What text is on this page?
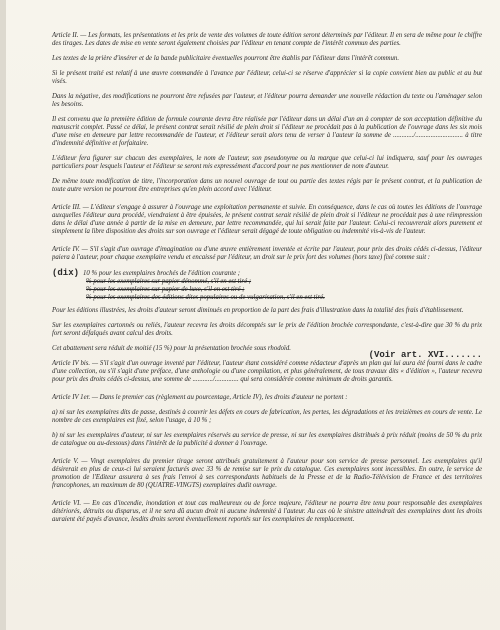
Article II. — Les formats, les présentations et les prix de vente des volumes de toute édition seront déterminés par l'éditeur. Il en sera de même pour le chiffre des tirages. Les dates de mise en vente seront également choisies par l'éditeur en tenant compte de l'intérêt commun des parties.

Les textes de la prière d'insérer et de la bande publicitaire éventuelles pourront être établis par l'éditeur dans l'intérêt commun.

Si le présent traité est relatif à une œuvre commandée à l'avance par l'éditeur, celui-ci se réserve d'apprécier si la copie convient bien au public et au but visés.

Dans la négative, des modifications ne pourront être refusées par l'auteur, et l'éditeur pourra demander une nouvelle rédaction du texte ou l'aménager selon les besoins.

Il est convenu que la première édition de formule courante devra être réalisée par l'éditeur dans un délai d'un an à compter de son acceptation définitive du manuscrit complet. Passé ce délai, le présent contrat serait résilié de plein droit si l'éditeur ne procédait pas à la publication de l'ouvrage dans les six mois d'une mise en demeure par lettre recommandée de l'auteur, et l'éditeur serait alors tenu de verser à l'auteur la somme de ............/............................ à titre d'indemnité définitive et forfaitaire.

L'éditeur fera figurer sur chacun des exemplaires, le nom de l'auteur, son pseudonyme ou la marque que celui-ci lui indiquera, sauf pour les ouvrages particuliers pour lesquels l'auteur et l'éditeur se seront mis expressément d'accord pour ne pas mentionner de nom d'auteur.

De même toute modification de titre, l'incorporation dans un nouvel ouvrage de tout ou partie des textes régis par le présent contrat, et la publication de toute autre version ne pourront être entreprises qu'en plein accord avec l'éditeur.

Article III. — L'éditeur s'engage à assurer à l'ouvrage une exploitation permanente et suivie. En conséquence, dans le cas où toutes les éditions de l'ouvrage auxquelles l'éditeur aura procédé, viendraient à être épuisées, le présent contrat serait résilié de plein droit si l'éditeur ne procédait pas à une réimpression dans le délai d'une année à partir de la mise en demeure, par lettre recommandée, qui lui serait faite par l'auteur. Celui-ci recouvrerait alors purement et simplement la libre disposition des droits sur son ouvrage et l'éditeur serait dégagé de toute obligation ou indemnité vis-à-vis de l'auteur.

Article IV. — S'il s'agit d'un ouvrage d'imagination ou d'une œuvre entièrement inventée et écrite par l'auteur, pour prix des droits cédés ci-dessus, l'éditeur paiera à l'auteur, pour chaque exemplaire vendu et encaissé par l'éditeur, un droit sur le prix fort des volumes (hors taxe) fixé comme suit :

(dix) 10 % pour les exemplaires brochés de l'édition courante ;
% pour les exemplaires sur papier dénommé, s'il en est tiré ;
% pour les exemplaires sur papier de luxe, s'il en est tiré ;
% pour les exemplaires des éditions dites populaires ou de vulgarisation, s'il en est tiré.

Pour les éditions illustrées, les droits d'auteur seront diminués en proportion de la part des frais d'illustration dans la totalité des frais d'établissement.

Sur les exemplaires cartonnés ou reliés, l'auteur recevra les droits décomptés sur le prix de l'édition brochée correspondante, c'est-à-dire que 30 % du prix fort seront défalqués avant calcul des droits.

Cet abattement sera réduit de moitié (15 %) pour la présentation brochée sous rhodoïd.

(Voir art. XVI.......

Article IV bis. — S'il s'agit d'un ouvrage inventé par l'éditeur, l'auteur étant considéré comme rédacteur d'après un plan qui lui aura été fourni dans le cadre d'une collection, ou s'il s'agit d'une préface, d'une anthologie ou d'une compilation, et plus généralement, de tous travaux dits « d'édition », l'auteur recevra pour prix des droits cédés ci-dessus, une somme de ............/.............. qui sera considérée comme minimum de droits garantis.

Article IV 1er. — Dans le premier cas (règlement au pourcentage, Article IV), les droits d'auteur ne portent :

a) ni sur les exemplaires dits de passe, destinés à couvrir les défets en cours de fabrication, les pertes, les dégradations et les treizièmes en cours de vente. Le nombre de ces exemplaires est fixé, selon l'usage, à 10 % ;

b) ni sur les exemplaires d'auteur, ni sur les exemplaires réservés au service de presse, ni sur les exemplaires distribués à prix réduit (moins de 50 % du prix de catalogue ou au-dessous) dans l'intérêt de la publicité à donner à l'ouvrage.

Article V. — Vingt exemplaires du premier tirage seront attribués gratuitement à l'auteur pour son service de presse personnel. Les exemplaires qu'il désirerait en plus de ceux-ci lui seraient facturés avec 33 % de remise sur le prix du catalogue. Ces exemplaires sont incessibles. En outre, le service de promotion de l'Editeur assurera à ses frais l'envoi à ses correspondants habituels de la Presse et de la Radio-Télévision de France et des territoires francophones, un maximum de 80 (QUATRE-VINGTS) exemplaires dudit ouvrage.

Article VI. — En cas d'incendie, inondation et tout cas malheureux ou de force majeure, l'éditeur ne pourra être tenu pour responsable des exemplaires détériorés, détruits ou disparus, et il ne sera dû aucun droit ni aucune indemnité à l'auteur. Au cas où le sinistre atteindrait des exemplaires dont les droits auraient été payés d'avance, lesdits droits seront éventuellement reportés sur les exemplaires de remplacement.
